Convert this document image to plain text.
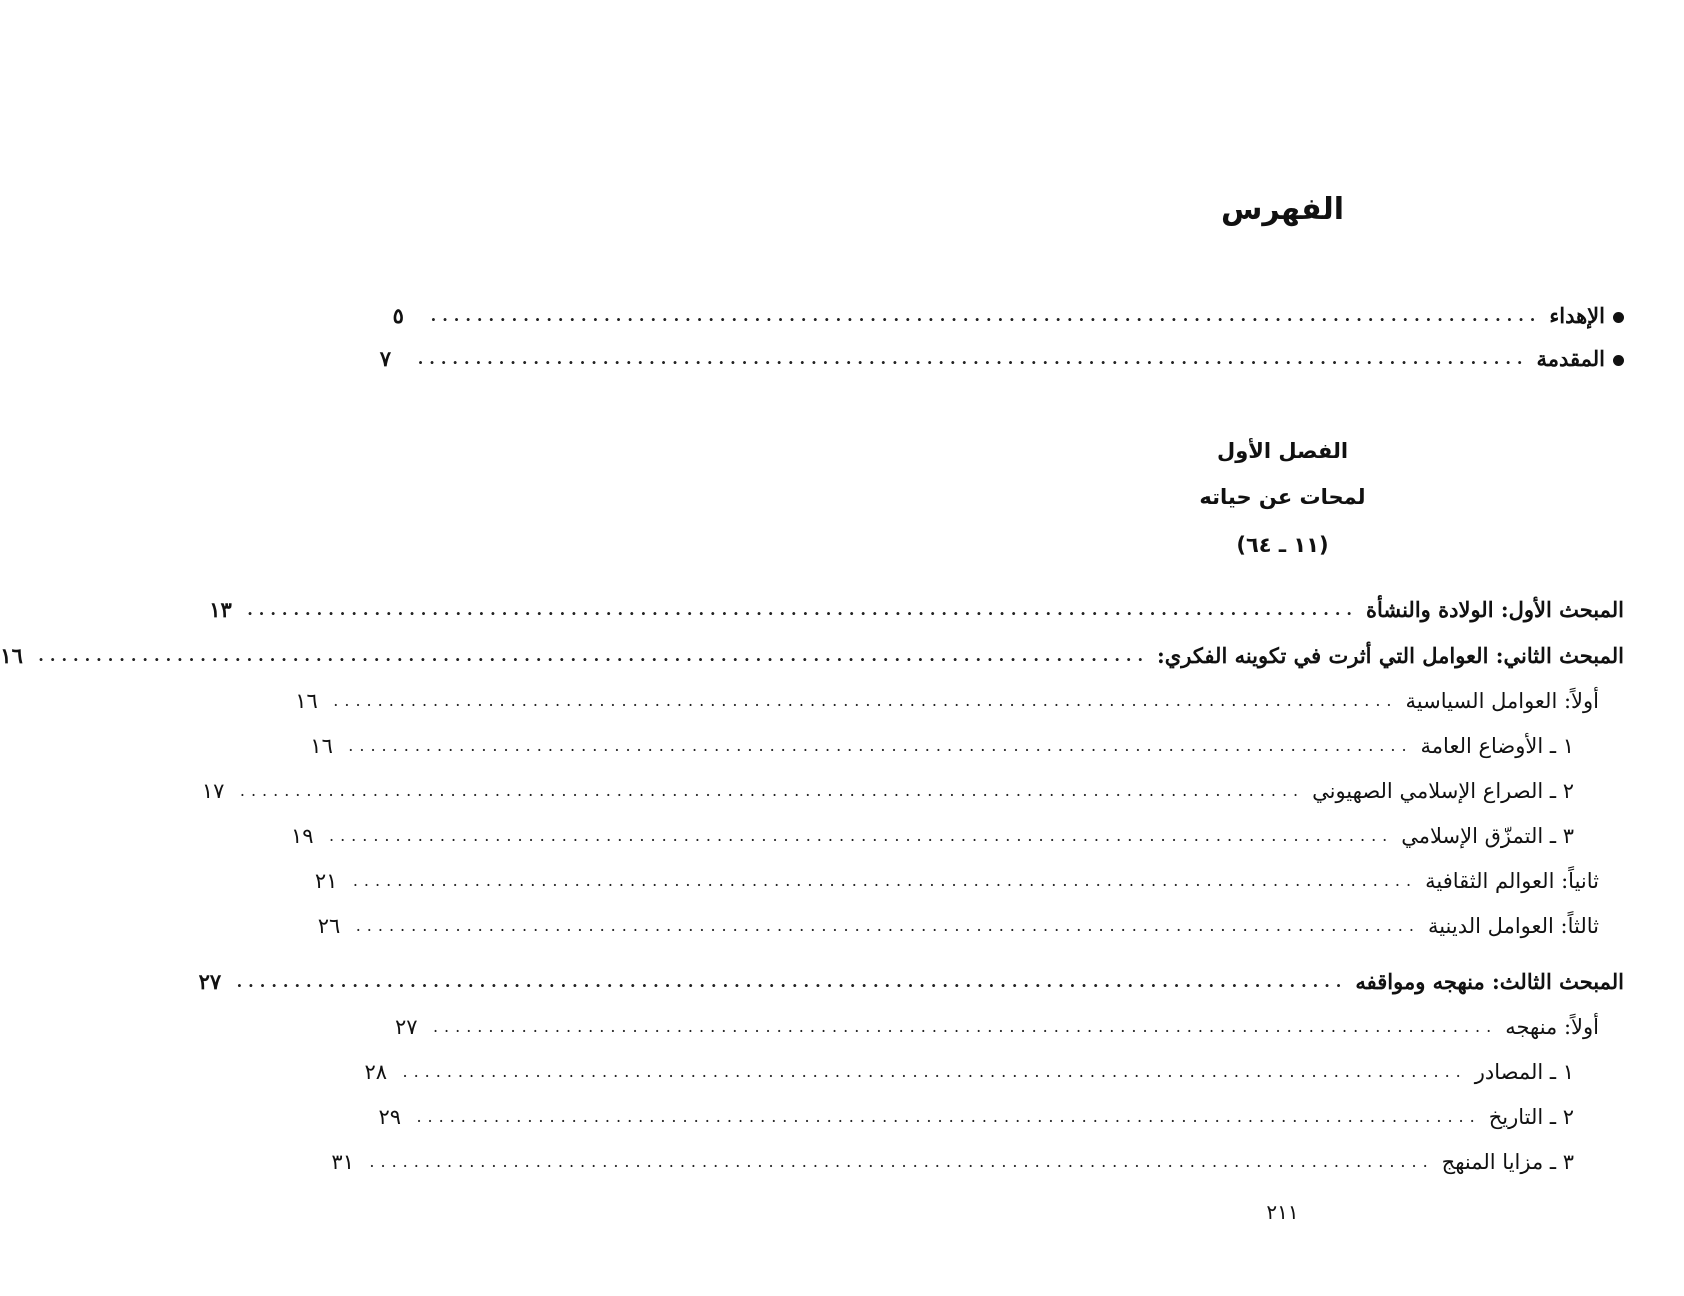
الفهرس
الإهداء
................................................................................................
٥
المقدمة
................................................................................................
٧
الفصل الأول
لمحات عن حياته
(١١ ـ ٦٤)
المبحث الأول: الولادة والنشأة
................................................................................................
١٣
المبحث الثاني: العوامل التي أثرت في تكوينه الفكري:
................................................................................................
١٦
أولاً: العوامل السياسية
................................................................................................
١٦
١ ـ الأوضاع العامة
................................................................................................
١٦
٢ ـ الصراع الإسلامي الصهيوني
................................................................................................
١٧
٣ ـ التمزّق الإسلامي
................................................................................................
١٩
ثانياً: العوالم الثقافية
................................................................................................
٢١
ثالثاً: العوامل الدينية
................................................................................................
٢٦
المبحث الثالث: منهجه ومواقفه
................................................................................................
٢٧
أولاً: منهجه
................................................................................................
٢٧
١ ـ المصادر
................................................................................................
٢٨
٢ ـ التاريخ
................................................................................................
٢٩
٣ ـ مزايا المنهج
................................................................................................
٣١
٢١١
